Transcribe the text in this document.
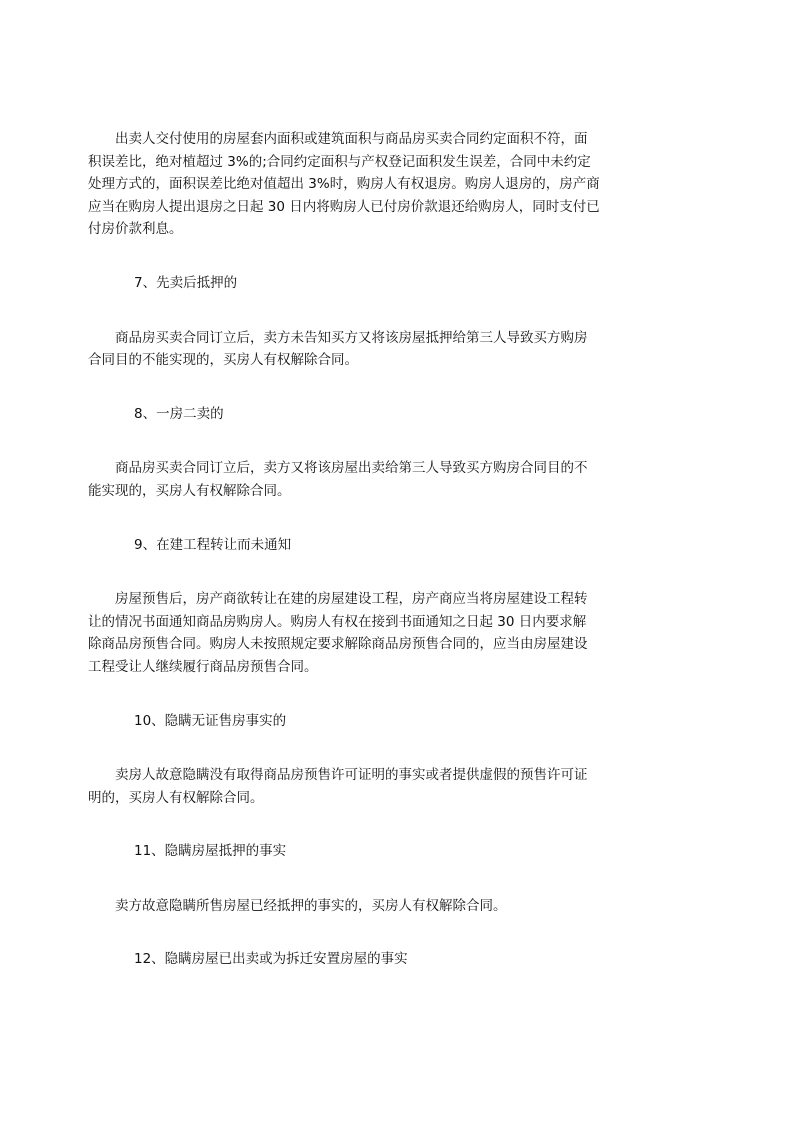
　　出卖人交付使用的房屋套内面积或建筑面积与商品房买卖合同约定面积不符，面
积误差比，绝对植超过 3%的;合同约定面积与产权登记面积发生误差，合同中未约定
处理方式的，面积误差比绝对值超出 3%时，购房人有权退房。购房人退房的，房产商
应当在购房人提出退房之日起 30 日内将购房人已付房价款退还给购房人，同时支付已
付房价款利息。

7、先卖后抵押的

　　商品房买卖合同订立后，卖方未告知买方又将该房屋抵押给第三人导致买方购房
合同目的不能实现的，买房人有权解除合同。

8、一房二卖的

　　商品房买卖合同订立后，卖方又将该房屋出卖给第三人导致买方购房合同目的不
能实现的，买房人有权解除合同。

9、在建工程转让而未通知

　　房屋预售后，房产商欲转让在建的房屋建设工程，房产商应当将房屋建设工程转
让的情况书面通知商品房购房人。购房人有权在接到书面通知之日起 30 日内要求解
除商品房预售合同。购房人未按照规定要求解除商品房预售合同的，应当由房屋建设
工程受让人继续履行商品房预售合同。

10、隐瞒无证售房事实的

　　卖房人故意隐瞒没有取得商品房预售许可证明的事实或者提供虚假的预售许可证
明的，买房人有权解除合同。

11、隐瞒房屋抵押的事实

　　卖方故意隐瞒所售房屋已经抵押的事实的，买房人有权解除合同。

12、隐瞒房屋已出卖或为拆迁安置房屋的事实
